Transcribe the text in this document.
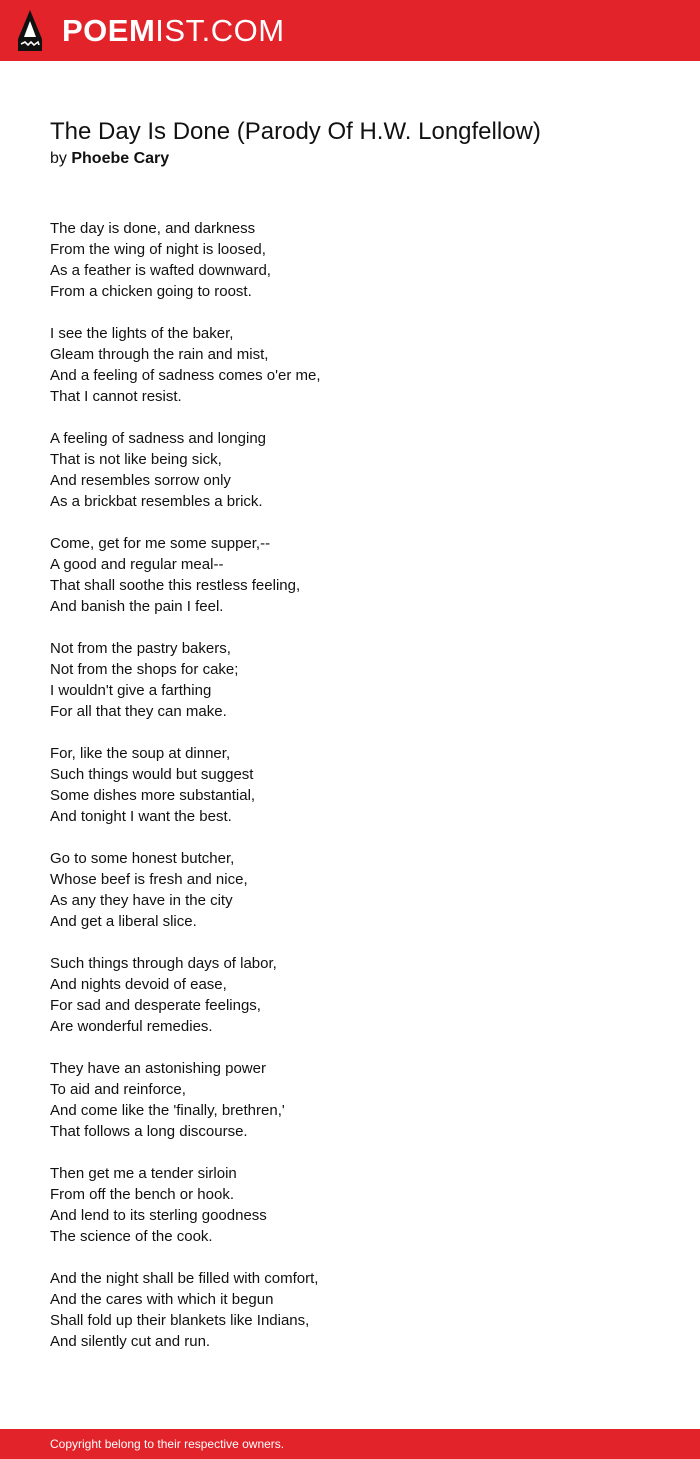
POEMIST.COM
The Day Is Done (Parody Of H.W. Longfellow)
by Phoebe Cary
The day is done, and darkness
From the wing of night is loosed,
As a feather is wafted downward,
From a chicken going to roost.
I see the lights of the baker,
Gleam through the rain and mist,
And a feeling of sadness comes o'er me,
That I cannot resist.
A feeling of sadness and longing
That is not like being sick,
And resembles sorrow only
As a brickbat resembles a brick.
Come, get for me some supper,--
A good and regular meal--
That shall soothe this restless feeling,
And banish the pain I feel.
Not from the pastry bakers,
Not from the shops for cake;
I wouldn't give a farthing
For all that they can make.
For, like the soup at dinner,
Such things would but suggest
Some dishes more substantial,
And tonight I want the best.
Go to some honest butcher,
Whose beef is fresh and nice,
As any they have in the city
And get a liberal slice.
Such things through days of labor,
And nights devoid of ease,
For sad and desperate feelings,
Are wonderful remedies.
They have an astonishing power
To aid and reinforce,
And come like the 'finally, brethren,'
That follows a long discourse.
Then get me a tender sirloin
From off the bench or hook.
And lend to its sterling goodness
The science of the cook.
And the night shall be filled with comfort,
And the cares with which it begun
Shall fold up their blankets like Indians,
And silently cut and run.
Copyright belong to their respective owners.
